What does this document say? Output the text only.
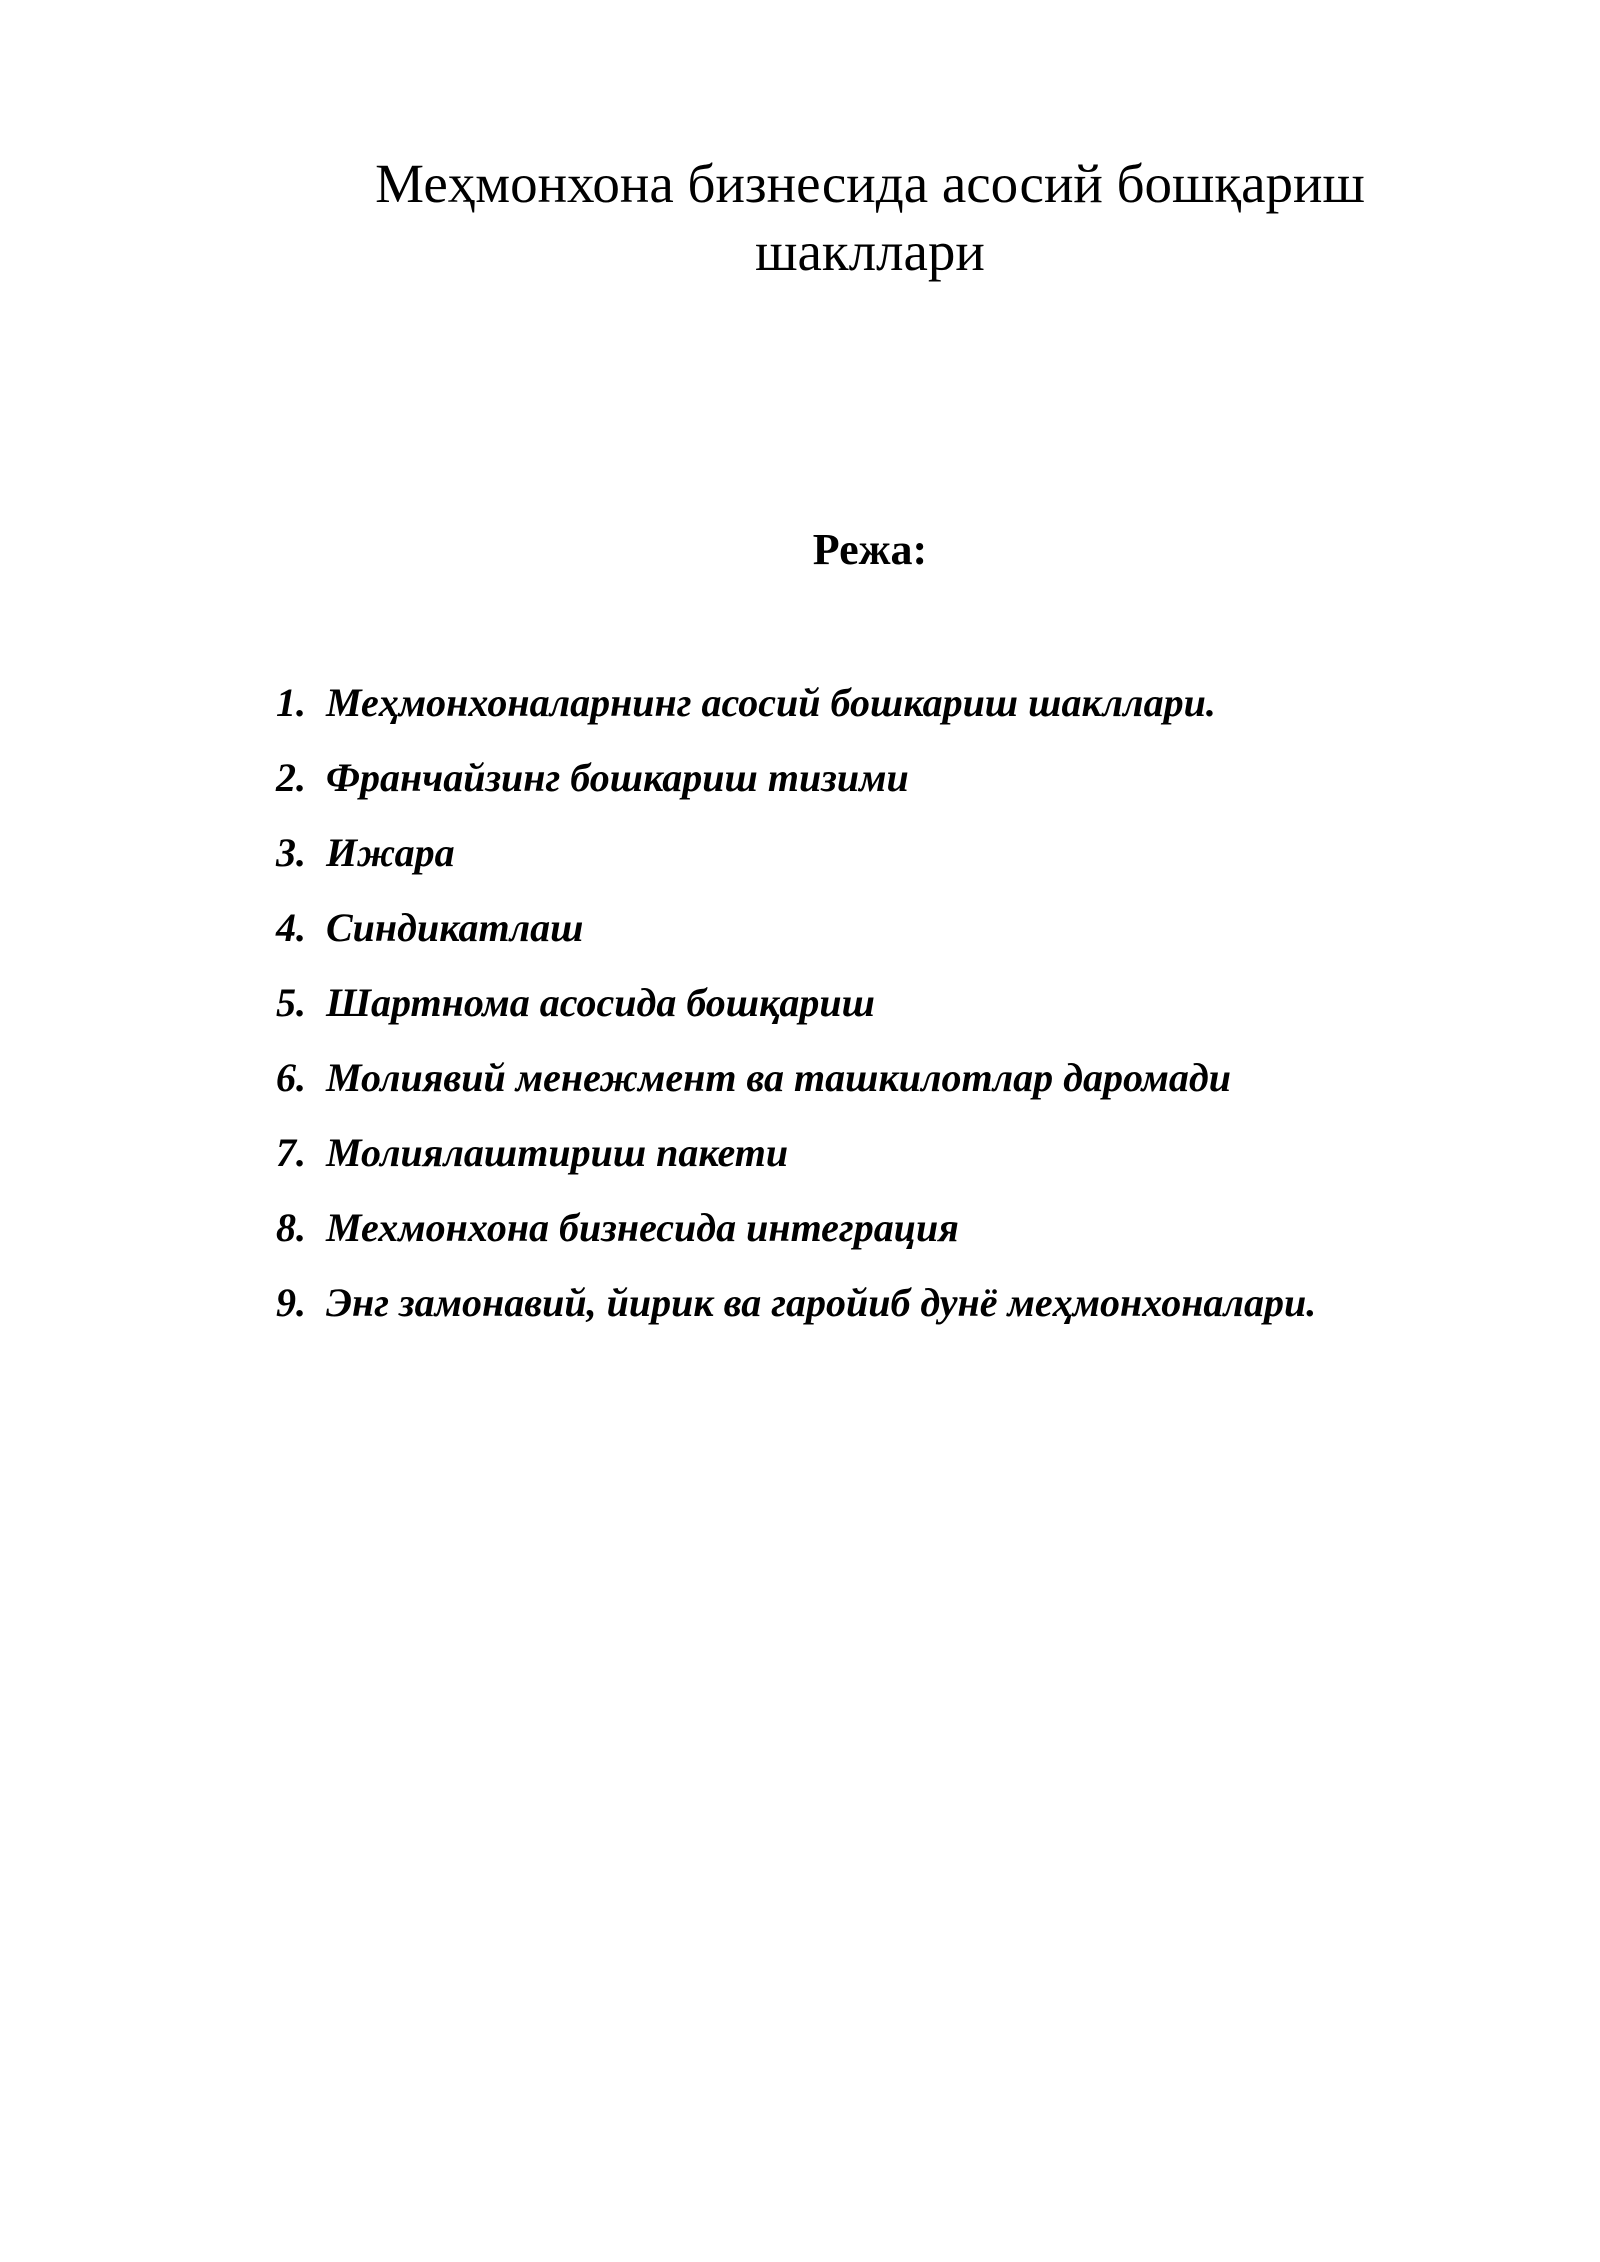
Меҳмонхона бизнесида асосий бошқариш
шакллари
Режа:
1. Меҳмонхоналарнинг асосий бошкариш шакллари.
2. Франчайзинг бошкариш тизими
3. Ижара
4. Синдикатлаш
5. Шартнома асосида бошқариш
6. Молиявий менежмент ва ташкилотлар даромади
7. Молиялаштириш пакети
8. Мехмонхона бизнесида интеграция
9. Энг замонавий, йирик ва гаройиб дунё меҳмонхоналари.
